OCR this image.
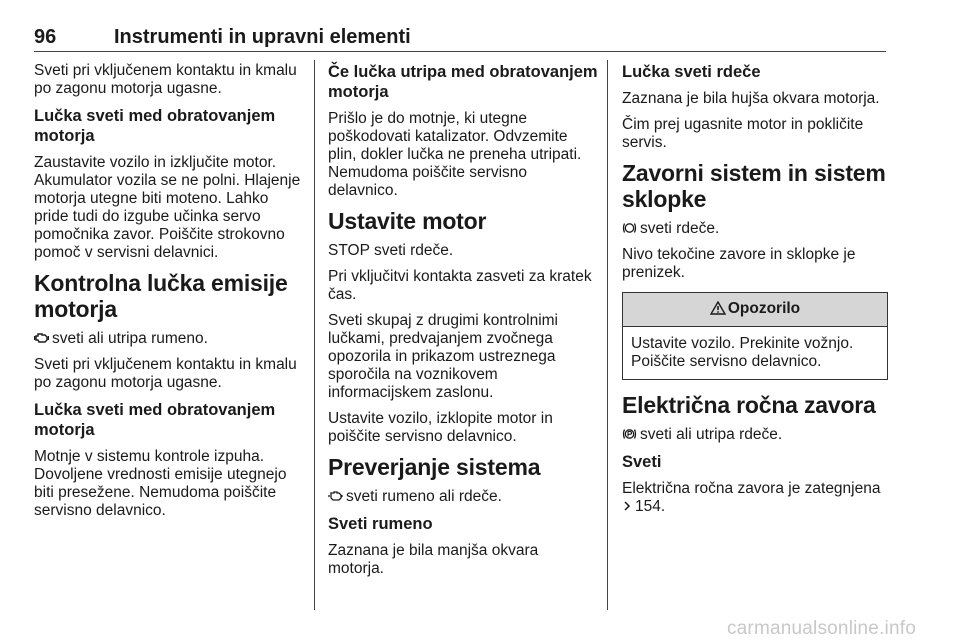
96	Instrumenti in upravni elementi

Sveti pri vključenem kontaktu in kmalu po zagonu motorja ugasne.

Lučka sveti med obratovanjem motorja

Zaustavite vozilo in izklјučite motor. Akumulator vozila se ne polni. Hlajenje motorja utegne biti moteno. Lahko pride tudi do izgube učinka servo pomočnika zavor. Poiščite strokovno pomoč v servisni delavnici.

Kontrolna lučka emisije motorja

sveti ali utripa rumeno.

Sveti pri vključenem kontaktu in kmalu po zagonu motorja ugasne.

Lučka sveti med obratovanjem motorja

Motnje v sistemu kontrole izpuha. Dovoljene vrednosti emisije utegnejo biti presežene. Nemudoma poiščite servisno delavnico.

Če lučka utripa med obratovanjem motorja

Prišlo je do motnje, ki utegne poškodovati katalizator. Odvzemite plin, dokler lučka ne preneha utripati. Nemudoma poiščite servisno delavnico.

Ustavite motor

STOP sveti rdeče.

Pri vključitvi kontakta zasveti za kratek čas.

Sveti skupaj z drugimi kontrolnimi lučkami, predvajanjem zvočnega opozorila in prikazom ustreznega sporočila na voznikovem informacijskem zaslonu.

Ustavite vozilo, izklopite motor in poiščite servisno delavnico.

Preverjanje sistema

sveti rumeno ali rdeče.

Sveti rumeno

Zaznana je bila manjša okvara motorja.

Lučka sveti rdeče

Zaznana je bila hujša okvara motorja.

Čim prej ugasnite motor in pokličite servis.

Zavorni sistem in sistem sklopke

sveti rdeče.

Nivo tekočine zavore in sklopke je prenizek.

Opozorilo
Ustavite vozilo. Prekinite vožnjo. Poiščite servisno delavnico.
Električna ročna zavora

sveti ali utripa rdeče.

Sveti

Električna ročna zavora je zategnjena
154.

carmanualsonline.info
